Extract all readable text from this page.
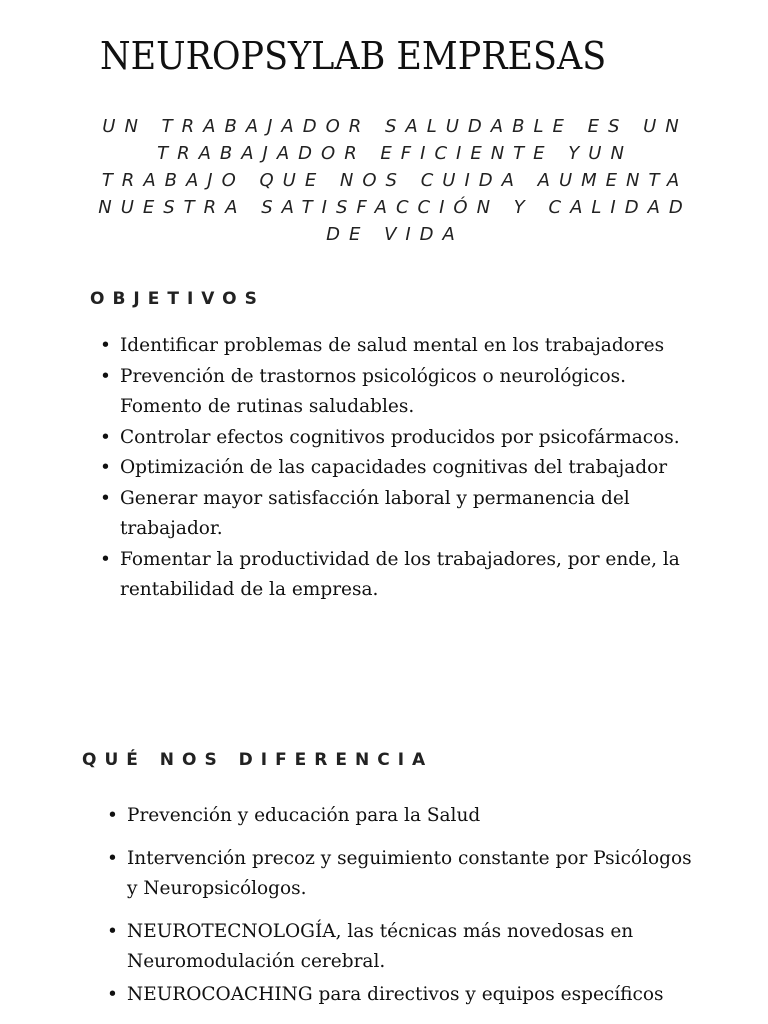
NEUROPSYLAB EMPRESAS

UN TRABAJADOR SALUDABLE ES UN TRABAJADOR EFICIENTE YUN TRABAJO QUE NOS CUIDA AUMENTA NUESTRA SATISFACCIÓN Y CALIDAD DE VIDA

OBJETIVOS
• Identificar problemas de salud mental en los trabajadores
• Prevención de trastornos psicológicos o neurológicos. Fomento de rutinas saludables.
• Controlar efectos cognitivos producidos por psicofármacos.
• Optimización de las capacidades cognitivas del trabajador
• Generar mayor satisfacción laboral y permanencia del trabajador.
• Fomentar la productividad de los trabajadores, por ende, la rentabilidad de la empresa.
QUÉ NOS DIFERENCIA
• Prevención y educación para la Salud
• Intervención precoz y seguimiento constante por Psicólogos y Neuropsicólogos.
• NEUROTECNOLOGÍA, las técnicas más novedosas en Neuromodulación cerebral.
• NEUROCOACHING para directivos y equipos específicos
